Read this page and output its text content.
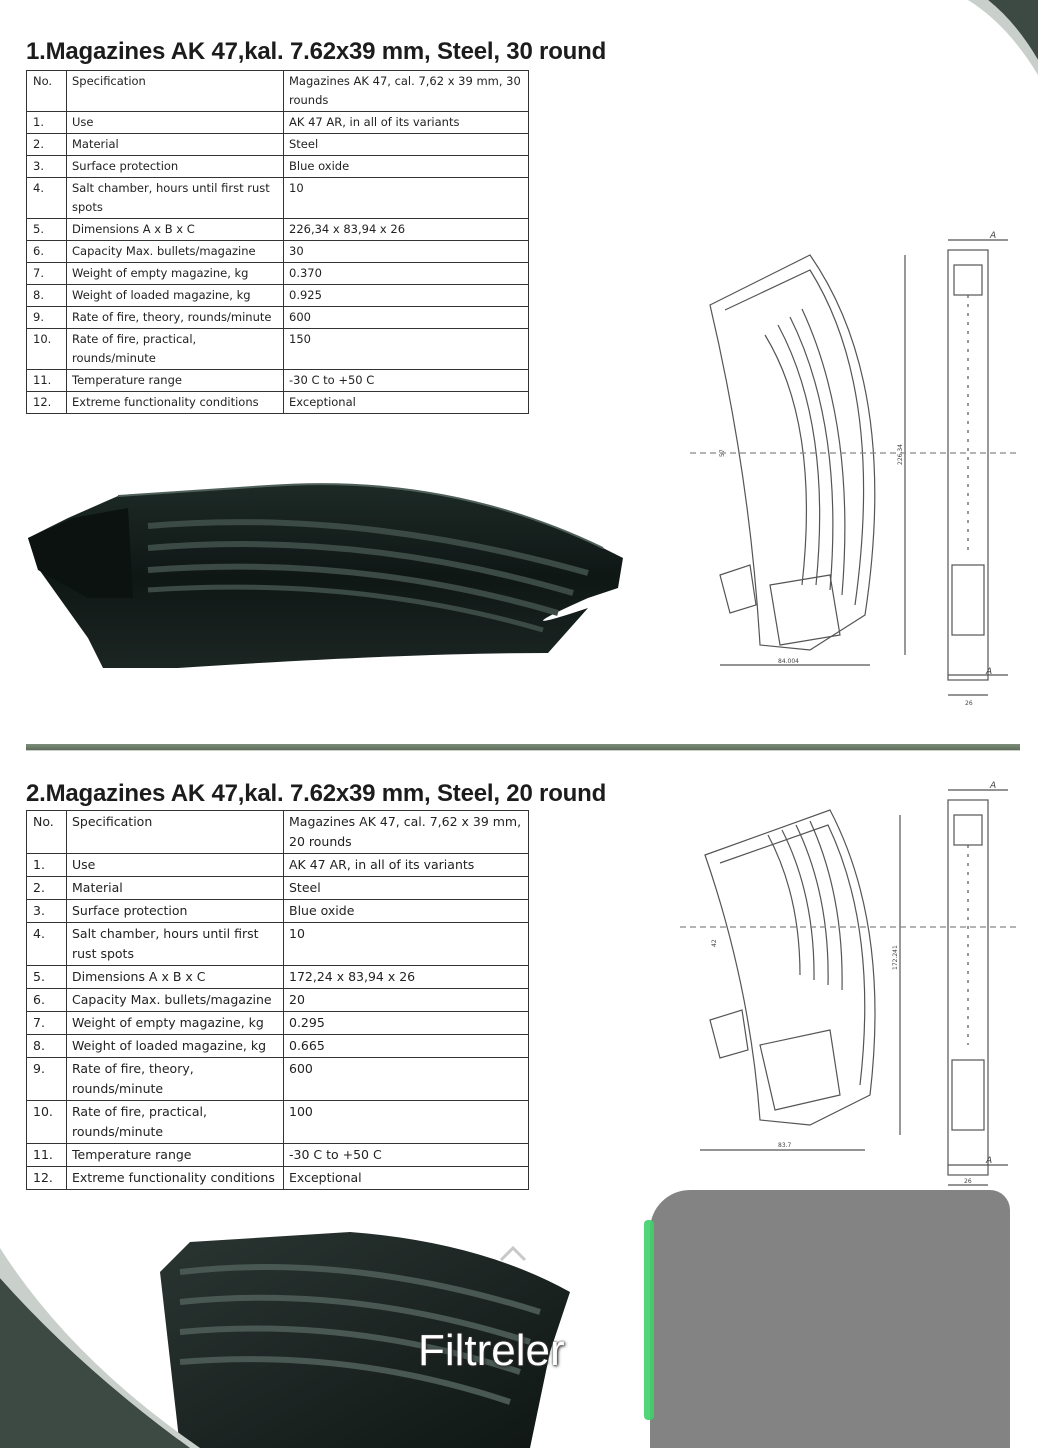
1.Magazines AK 47,kal. 7.62x39 mm, Steel, 30 round
No.	Specification	Magazines AK 47, cal. 7,62 x 39 mm, 30 rounds
1.	Use	AK 47 AR, in all of its variants
2.	Material	Steel
3.	Surface protection	Blue oxide
4.	Salt chamber, hours until first rust spots	10
5.	Dimensions A x B x C	226,34 x 83,94 x 26
6.	Capacity Max. bullets/magazine	30
7.	Weight of empty magazine, kg	0.370
8.	Weight of loaded magazine, kg	0.925
9.	Rate of fire, theory, rounds/minute	600
10.	Rate of fire, practical, rounds/minute	150
11.	Temperature range	-30 C to +50 C
12.	Extreme functionality conditions	Exceptional
84.004
226.34
57
26
A
A
2.Magazines AK 47,kal. 7.62x39 mm, Steel, 20 round
No.	Specification	Magazines AK 47, cal. 7,62 x 39 mm, 20 rounds
1.	Use	AK 47 AR, in all of its variants
2.	Material	Steel
3.	Surface protection	Blue oxide
4.	Salt chamber, hours until first rust spots	10
5.	Dimensions A x B x C	172,24 x 83,94 x 26
6.	Capacity Max. bullets/magazine	20
7.	Weight of empty magazine, kg	0.295
8.	Weight of loaded magazine, kg	0.665
9.	Rate of fire, theory, rounds/minute	600
10.	Rate of fire, practical, rounds/minute	100
11.	Temperature range	-30 C to +50 C
12.	Extreme functionality conditions	Exceptional
83.7
172.241
42
26
A
A
Filtreler
